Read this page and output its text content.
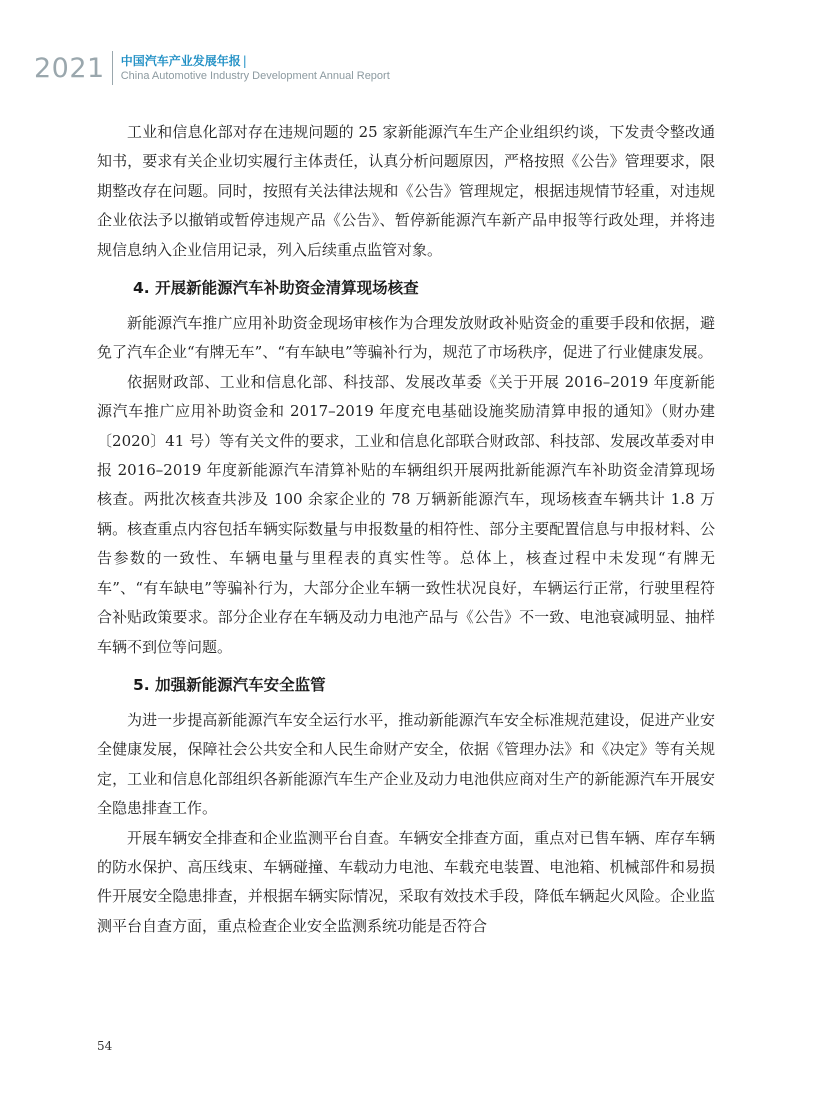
2021 中国汽车产业发展年报 |
China Automotive Industry Development Annual Report

工业和信息化部对存在违规问题的 25 家新能源汽车生产企业组织约谈，下发责令整改通知书，要求有关企业切实履行主体责任，认真分析问题原因，严格按照《公告》管理要求，限期整改存在问题。同时，按照有关法律法规和《公告》管理规定，根据违规情节轻重，对违规企业依法予以撤销或暂停违规产品《公告》、暂停新能源汽车新产品申报等行政处理，并将违规信息纳入企业信用记录，列入后续重点监管对象。

4. 开展新能源汽车补助资金清算现场核查

新能源汽车推广应用补助资金现场审核作为合理发放财政补贴资金的重要手段和依据，避免了汽车企业“有牌无车”、“有车缺电”等骗补行为，规范了市场秩序，促进了行业健康发展。

依据财政部、工业和信息化部、科技部、发展改革委《关于开展 2016–2019 年度新能源汽车推广应用补助资金和 2017–2019 年度充电基础设施奖励清算申报的通知》（财办建〔2020〕41 号）等有关文件的要求，工业和信息化部联合财政部、科技部、发展改革委对申报 2016–2019 年度新能源汽车清算补贴的车辆组织开展两批新能源汽车补助资金清算现场核查。两批次核查共涉及 100 余家企业的 78 万辆新能源汽车，现场核查车辆共计 1.8 万辆。核查重点内容包括车辆实际数量与申报数量的相符性、部分主要配置信息与申报材料、公告参数的一致性、车辆电量与里程表的真实性等。总体上，核查过程中未发现“有牌无车”、“有车缺电”等骗补行为，大部分企业车辆一致性状况良好，车辆运行正常，行驶里程符合补贴政策要求。部分企业存在车辆及动力电池产品与《公告》不一致、电池衰减明显、抽样车辆不到位等问题。

5. 加强新能源汽车安全监管

为进一步提高新能源汽车安全运行水平，推动新能源汽车安全标准规范建设，促进产业安全健康发展，保障社会公共安全和人民生命财产安全，依据《管理办法》和《决定》等有关规定，工业和信息化部组织各新能源汽车生产企业及动力电池供应商对生产的新能源汽车开展安全隐患排查工作。

开展车辆安全排查和企业监测平台自查。车辆安全排查方面，重点对已售车辆、库存车辆的防水保护、高压线束、车辆碰撞、车载动力电池、车载充电装置、电池箱、机械部件和易损件开展安全隐患排查，并根据车辆实际情况，采取有效技术手段，降低车辆起火风险。企业监测平台自查方面，重点检查企业安全监测系统功能是否符合

54
